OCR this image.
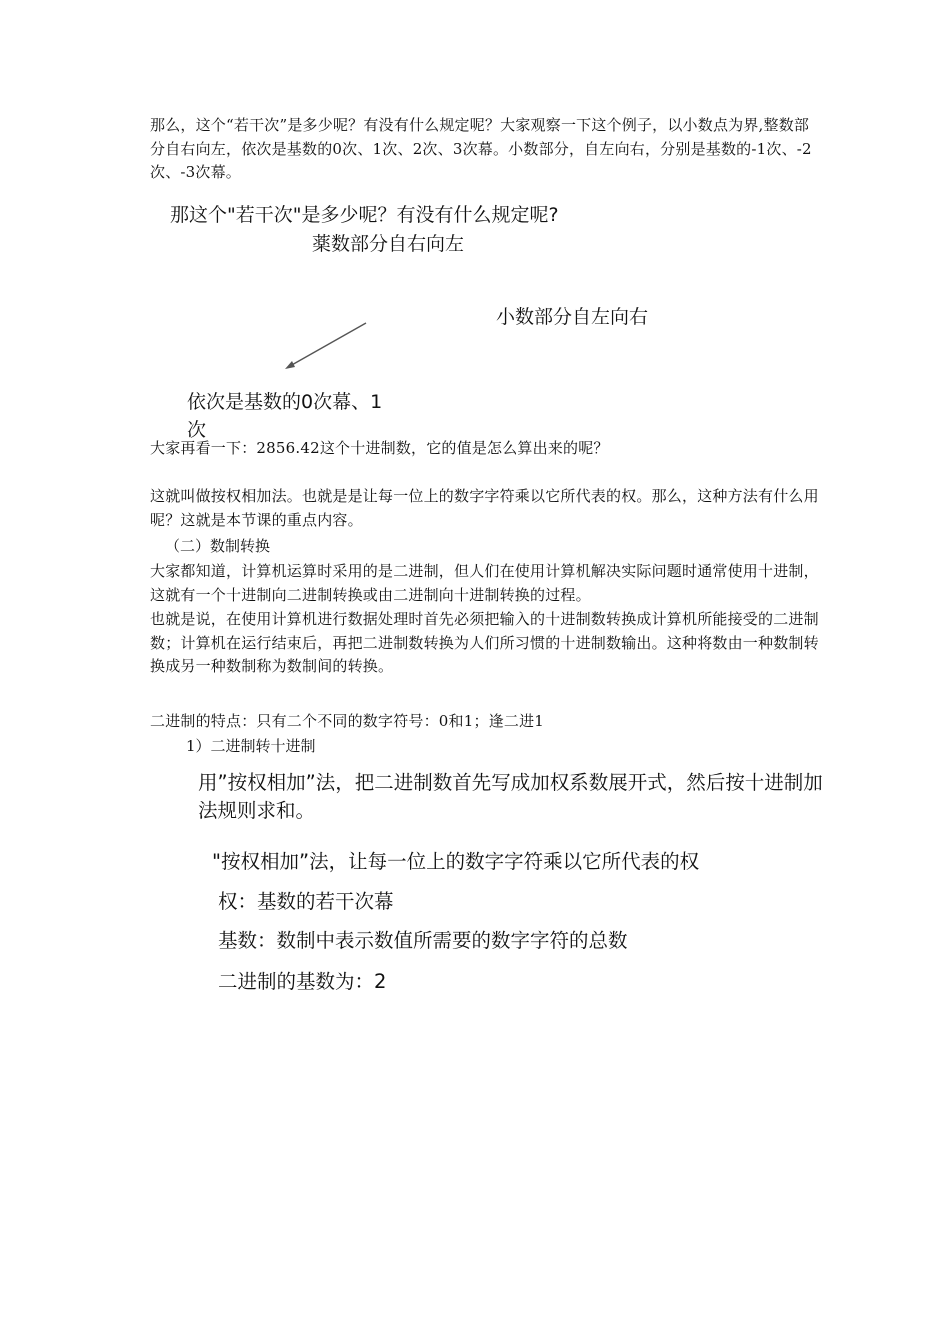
那么，这个“若干次”是多少呢？有没有什么规定呢？大家观察一下这个例子，以小数点为界,整数部分自右向左，依次是基数的0次、1次、2次、3次幕。小数部分，自左向右，分别是基数的-1次、-2次、-3次幕。
那这个"若干次"是多少呢？有没有什么规定呢?
薬数部分自右向左
小数部分自左向右
依次是基数的0次幕、1次
大家再看一下：2856.42这个十进制数，它的值是怎么算出来的呢？
这就叫做按权相加法。也就是是让每一位上的数字字符乘以它所代表的权。那么，这种方法有什么用呢？这就是本节课的重点内容。
（二）数制转换
大家都知道，计算机运算时采用的是二进制，但人们在使用计算机解决实际问题时通常使用十进制，这就有一个十进制向二进制转换或由二进制向十进制转换的过程。
也就是说，在使用计算机进行数据处理时首先必须把输入的十进制数转换成计算机所能接受的二进制数；计算机在运行结束后，再把二进制数转换为人们所习惯的十进制数输出。这种将数由一种数制转换成另一种数制称为数制间的转换。
二进制的特点：只有二个不同的数字符号：0和1；逢二进1
1）二进制转十进制
用”按权相加”法，把二进制数首先写成加权系数展开式，然后按十进制加法规则求和。
"按权相加”法，让每一位上的数字字符乘以它所代表的权
权：基数的若干次幕
基数：数制中表示数值所需要的数字字符的总数
二进制的基数为：2
